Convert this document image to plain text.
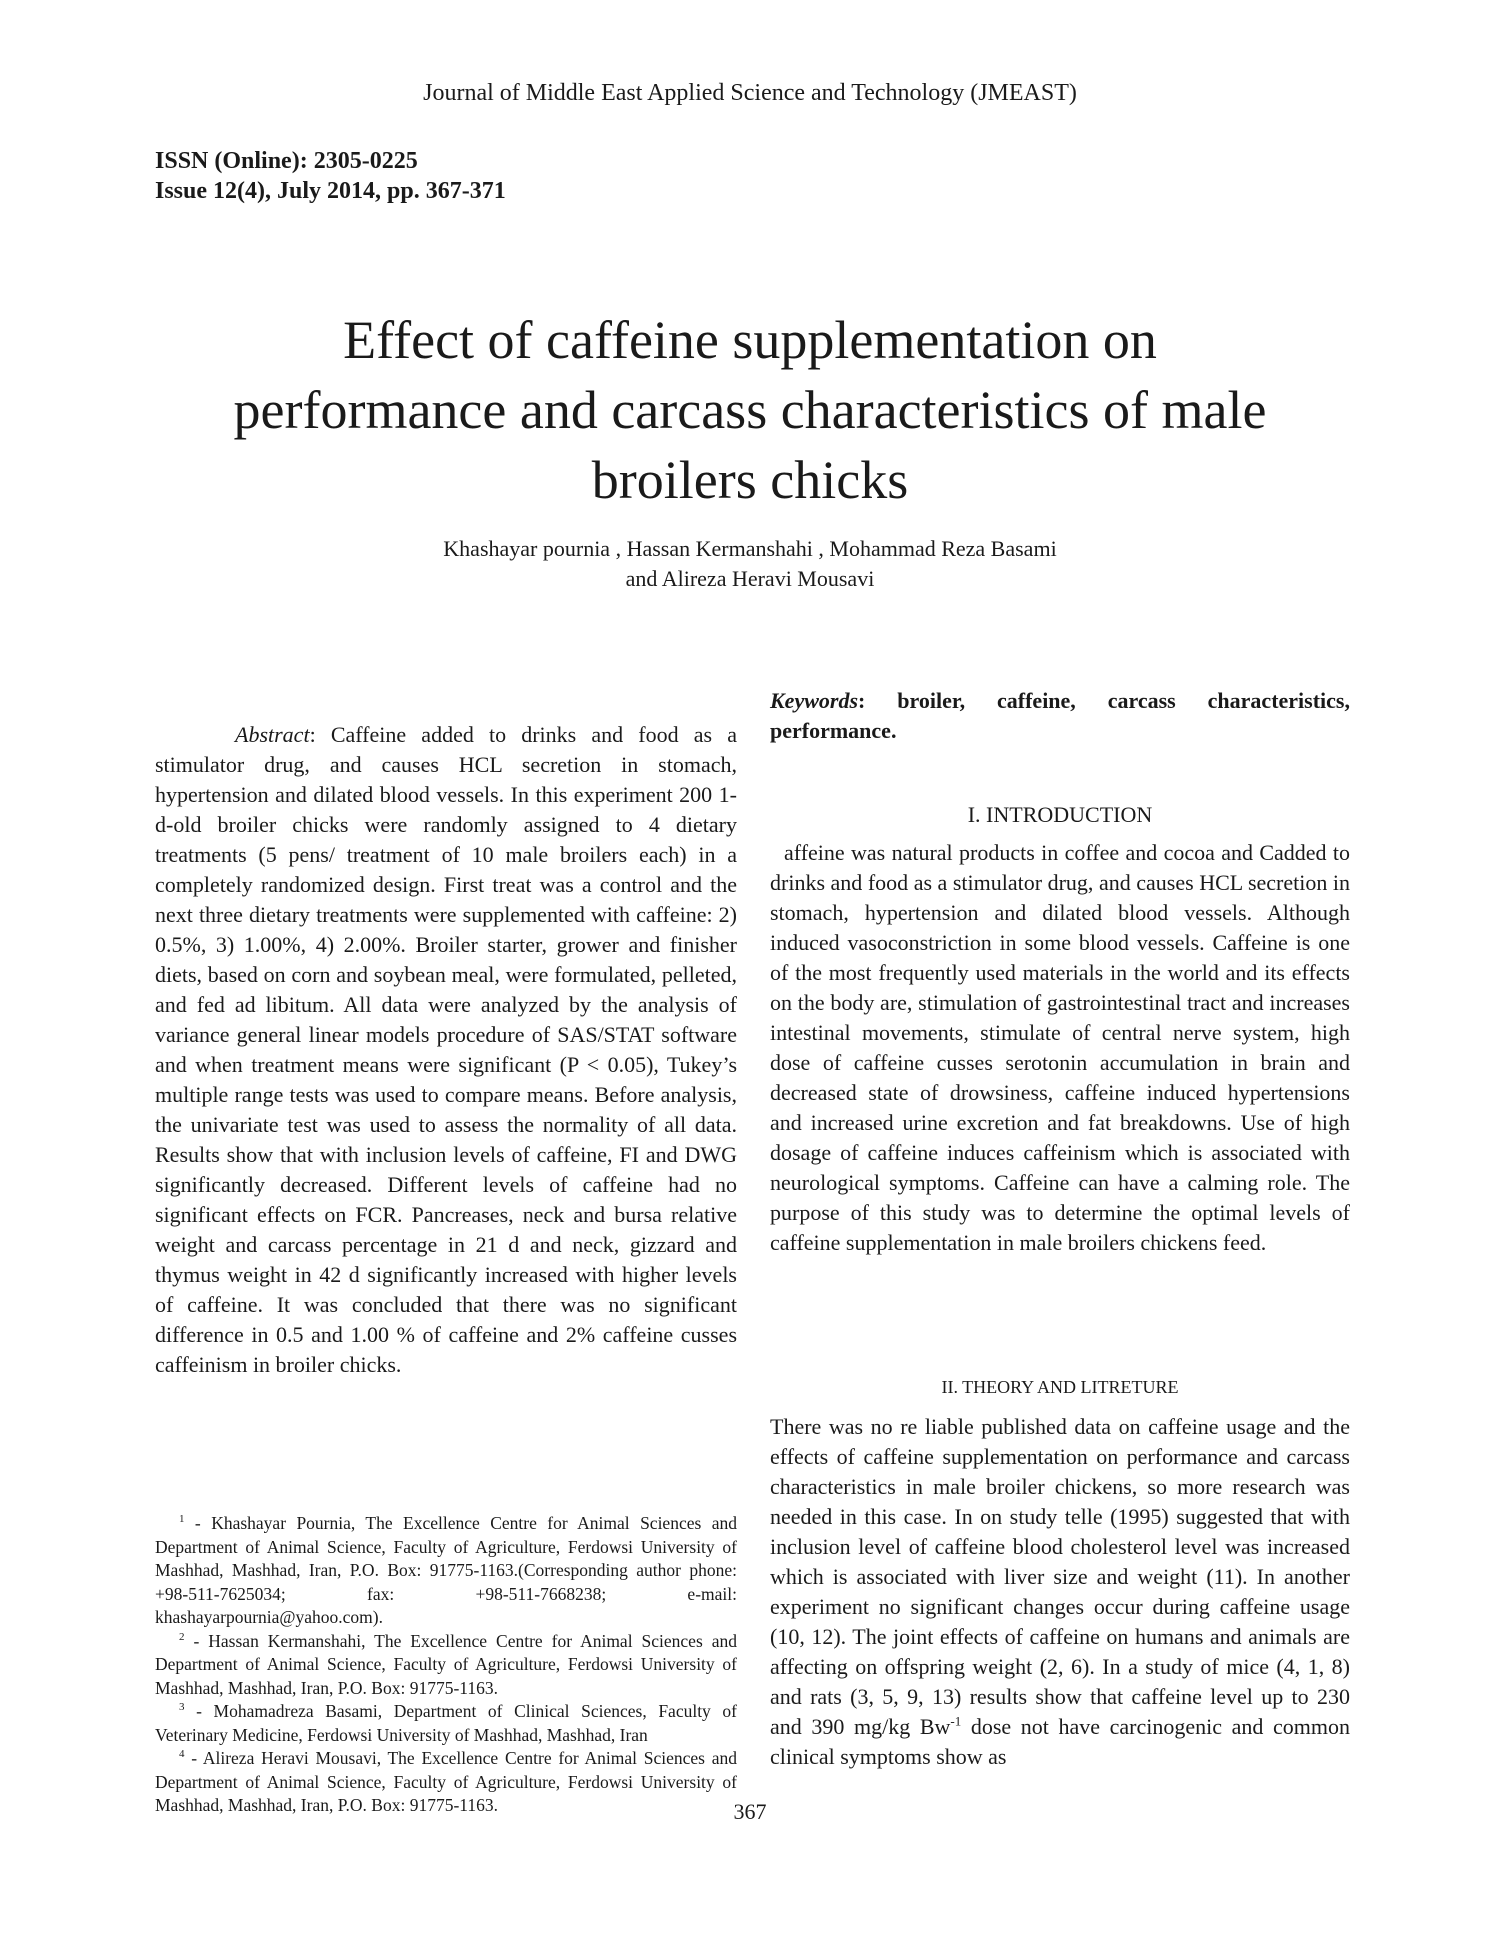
Journal of Middle East Applied Science and Technology (JMEAST)
ISSN (Online): 2305-0225
Issue 12(4), July 2014, pp. 367-371
Effect of caffeine supplementation on
performance and carcass characteristics of male
broilers chicks
Khashayar pournia , Hassan Kermanshahi , Mohammad Reza Basami
and Alireza Heravi Mousavi

Abstract: Caffeine added to drinks and food as a stimulator drug, and causes HCL secretion in stomach, hypertension and dilated blood vessels. In this experiment 200 1-d-old broiler chicks were randomly assigned to 4 dietary treatments (5 pens/ treatment of 10 male broilers each) in a completely randomized design. First treat was a control and the next three dietary treatments were supplemented with caffeine: 2) 0.5%, 3) 1.00%, 4) 2.00%. Broiler starter, grower and finisher diets, based on corn and soybean meal, were formulated, pelleted, and fed ad libitum. All data were analyzed by the analysis of variance general linear models procedure of SAS/STAT software and when treatment means were significant (P < 0.05), Tukey’s multiple range tests was used to compare means. Before analysis, the univariate test was used to assess the normality of all data. Results show that with inclusion levels of caffeine, FI and DWG significantly decreased. Different levels of caffeine had no significant effects on FCR. Pancreases, neck and bursa relative weight and carcass percentage in 21 d and neck, gizzard and thymus weight in 42 d significantly increased with higher levels of caffeine. It was concluded that there was no significant difference in 0.5 and 1.00 % of caffeine and 2% caffeine cusses caffeinism in broiler chicks.

$^1$ - Khashayar Pournia, The Excellence Centre for Animal Sciences and Department of Animal Science, Faculty of Agriculture, Ferdowsi University of Mashhad, Mashhad, Iran, P.O. Box: 91775-1163.(Corresponding author phone: +98-511-7625034; fax: +98-511-7668238; e-mail: khashayarpournia@yahoo.com).

$^2$ - Hassan Kermanshahi, The Excellence Centre for Animal Sciences and Department of Animal Science, Faculty of Agriculture, Ferdowsi University of Mashhad, Mashhad, Iran, P.O. Box: 91775-1163.

$^3$ - Mohamadreza Basami, Department of Clinical Sciences, Faculty of Veterinary Medicine, Ferdowsi University of Mashhad, Mashhad, Iran

$^4$ - Alireza Heravi Mousavi, The Excellence Centre for Animal Sciences and Department of Animal Science, Faculty of Agriculture, Ferdowsi University of Mashhad, Mashhad, Iran, P.O. Box: 91775-1163.

Keywords: broiler, caffeine, carcass characteristics, performance.

I. INTRODUCTION

affeine was natural products in coffee and cocoa and Cadded to drinks and food as a stimulator drug, and causes HCL secretion in stomach, hypertension and dilated blood vessels. Although induced vasoconstriction in some blood vessels. Caffeine is one of the most frequently used materials in the world and its effects on the body are, stimulation of gastrointestinal tract and increases intestinal movements, stimulate of central nerve system, high dose of caffeine cusses serotonin accumulation in brain and decreased state of drowsiness, caffeine induced hypertensions and increased urine excretion and fat breakdowns. Use of high dosage of caffeine induces caffeinism which is associated with neurological symptoms. Caffeine can have a calming role. The purpose of this study was to determine the optimal levels of caffeine supplementation in male broilers chickens feed.

II. THEORY AND LITRETURE

There was no re liable published data on caffeine usage and the effects of caffeine supplementation on performance and carcass characteristics in male broiler chickens, so more research was needed in this case. In on study telle (1995) suggested that with inclusion level of caffeine blood cholesterol level was increased which is associated with liver size and weight (11). In another experiment no significant changes occur during caffeine usage (10, 12). The joint effects of caffeine on humans and animals are affecting on offspring weight (2, 6). In a study of mice (4, 1, 8) and rats (3, 5, 9, 13) results show that caffeine level up to 230 and 390 mg/kg $Bw^{-1}$ dose not have carcinogenic and common clinical symptoms show as

367
